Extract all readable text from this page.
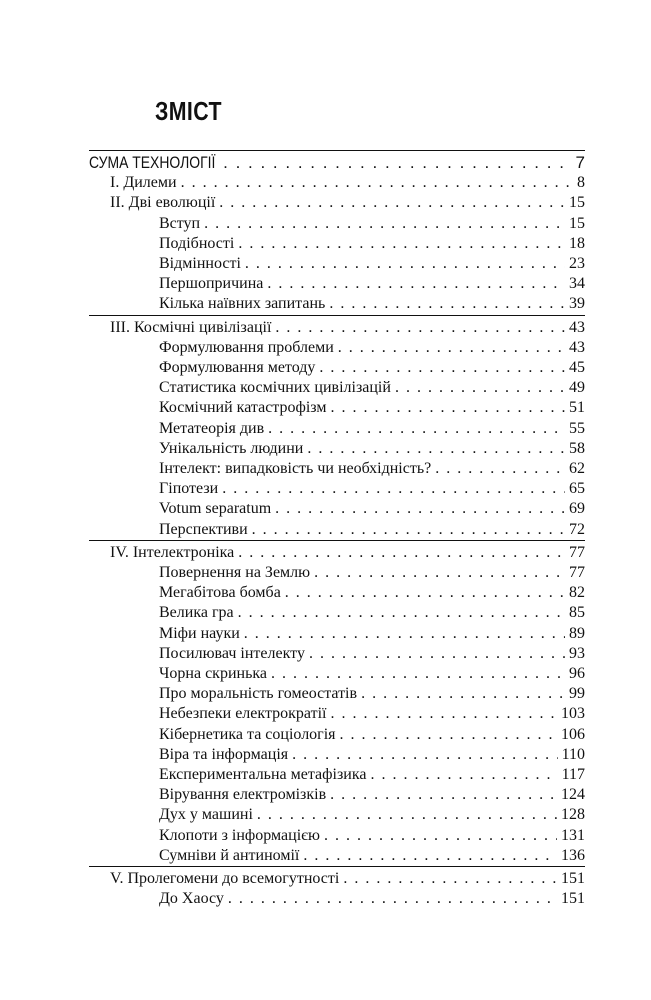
ЗМІСТ
СУМА ТЕХНОЛОГІЇ . . .	7
I. Дилеми . . .	8
II. Дві еволюції . . .	15
Вступ . . .	15
Подібності . . .	18
Відмінності . . .	23
Першопричина . . .	34
Кілька наївних запитань . . .	39
III. Космічні цивілізації . . .	43
Формулювання проблеми . . .	43
Формулювання методу . . .	45
Статистика космічних цивілізацій . . .	49
Космічний катастрофізм . . .	51
Метатеорія див . . .	55
Унікальність людини . . .	58
Інтелект: випадковість чи необхідність? . . .	62
Гіпотези . . .	65
Votum separatum . . .	69
Перспективи . . .	72
IV. Інтелектроніка . . .	77
Повернення на Землю . . .	77
Мегабітова бомба . . .	82
Велика гра . . .	85
Міфи науки . . .	89
Посилювач інтелекту . . .	93
Чорна скринька . . .	96
Про моральність гомеостатів . . .	99
Небезпеки електрократії . . .	103
Кібернетика та соціологія . . .	106
Віра та інформація . . .	110
Експериментальна метафізика . . .	117
Вірування електромізків . . .	124
Дух у машині . . .	128
Клопоти з інформацією . . .	131
Сумніви й антиномії . . .	136
V. Пролегомени до всемогутності . . .	151
До Хаосу . . .	151
